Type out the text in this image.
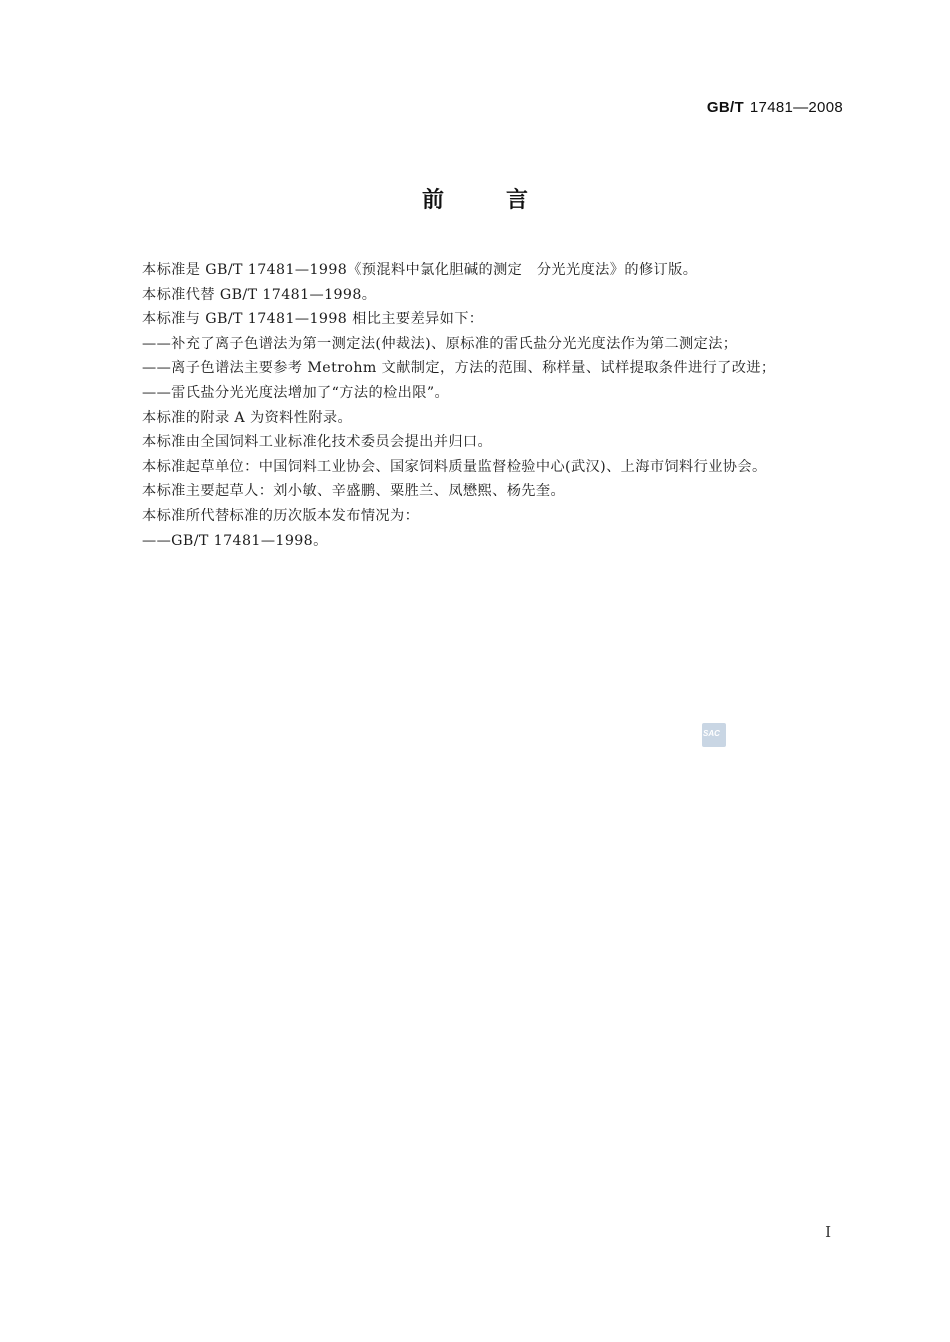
GB/T 17481—2008
前言

本标准是 GB/T 17481—1998《预混料中氯化胆碱的测定　分光光度法》的修订版。

本标准代替 GB/T 17481—1998。

本标准与 GB/T 17481—1998 相比主要差异如下：

——补充了离子色谱法为第一测定法(仲裁法)、原标准的雷氏盐分光光度法作为第二测定法；

——离子色谱法主要参考 Metrohm 文献制定，方法的范围、称样量、试样提取条件进行了改进；

——雷氏盐分光光度法增加了“方法的检出限”。

本标准的附录 A 为资料性附录。

本标准由全国饲料工业标准化技术委员会提出并归口。

本标准起草单位：中国饲料工业协会、国家饲料质量监督检验中心(武汉)、上海市饲料行业协会。

本标准主要起草人：刘小敏、辛盛鹏、粟胜兰、凤懋熙、杨先奎。

本标准所代替标准的历次版本发布情况为：

——GB/T 17481—1998。

SAC
I
